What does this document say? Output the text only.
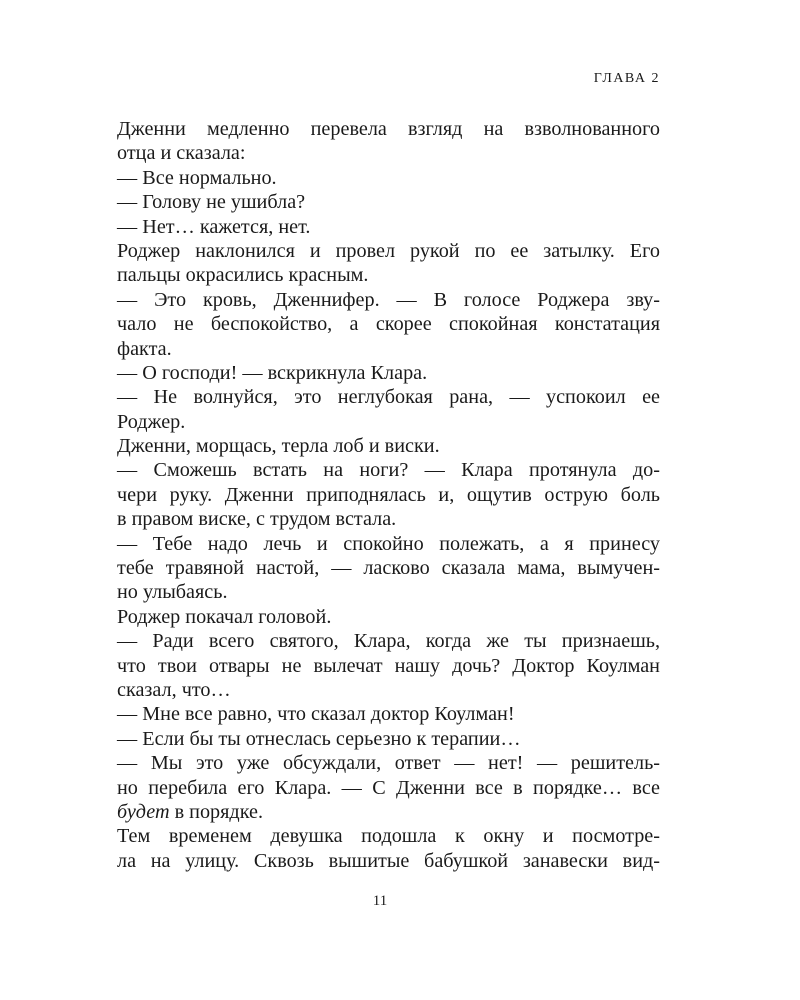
ГЛАВА 2
Дженни медленно перевела взгляд на взволнованного
отца и сказала:
— Все нормально.
— Голову не ушибла?
— Нет… кажется, нет.
Роджер наклонился и провел рукой по ее затылку. Его
пальцы окрасились красным.
— Это кровь, Дженнифер. — В голосе Роджера зву-
чало не беспокойство, а скорее спокойная констатация
факта.
— О господи! — вскрикнула Клара.
— Не волнуйся, это неглубокая рана, — успокоил ее
Роджер.
Дженни, морщась, терла лоб и виски.
— Сможешь встать на ноги? — Клара протянула до-
чери руку. Дженни приподнялась и, ощутив острую боль
в правом виске, с трудом встала.
— Тебе надо лечь и спокойно полежать, а я принесу
тебе травяной настой, — ласково сказала мама, вымучен-
но улыбаясь.
Роджер покачал головой.
— Ради всего святого, Клара, когда же ты признаешь,
что твои отвары не вылечат нашу дочь? Доктор Коулман
сказал, что…
— Мне все равно, что сказал доктор Коулман!
— Если бы ты отнеслась серьезно к терапии…
— Мы это уже обсуждали, ответ — нет! — решитель-
но перебила его Клара. — С Дженни все в порядке… все
будет в порядке.
Тем временем девушка подошла к окну и посмотре-
ла на улицу. Сквозь вышитые бабушкой занавески вид-
11
